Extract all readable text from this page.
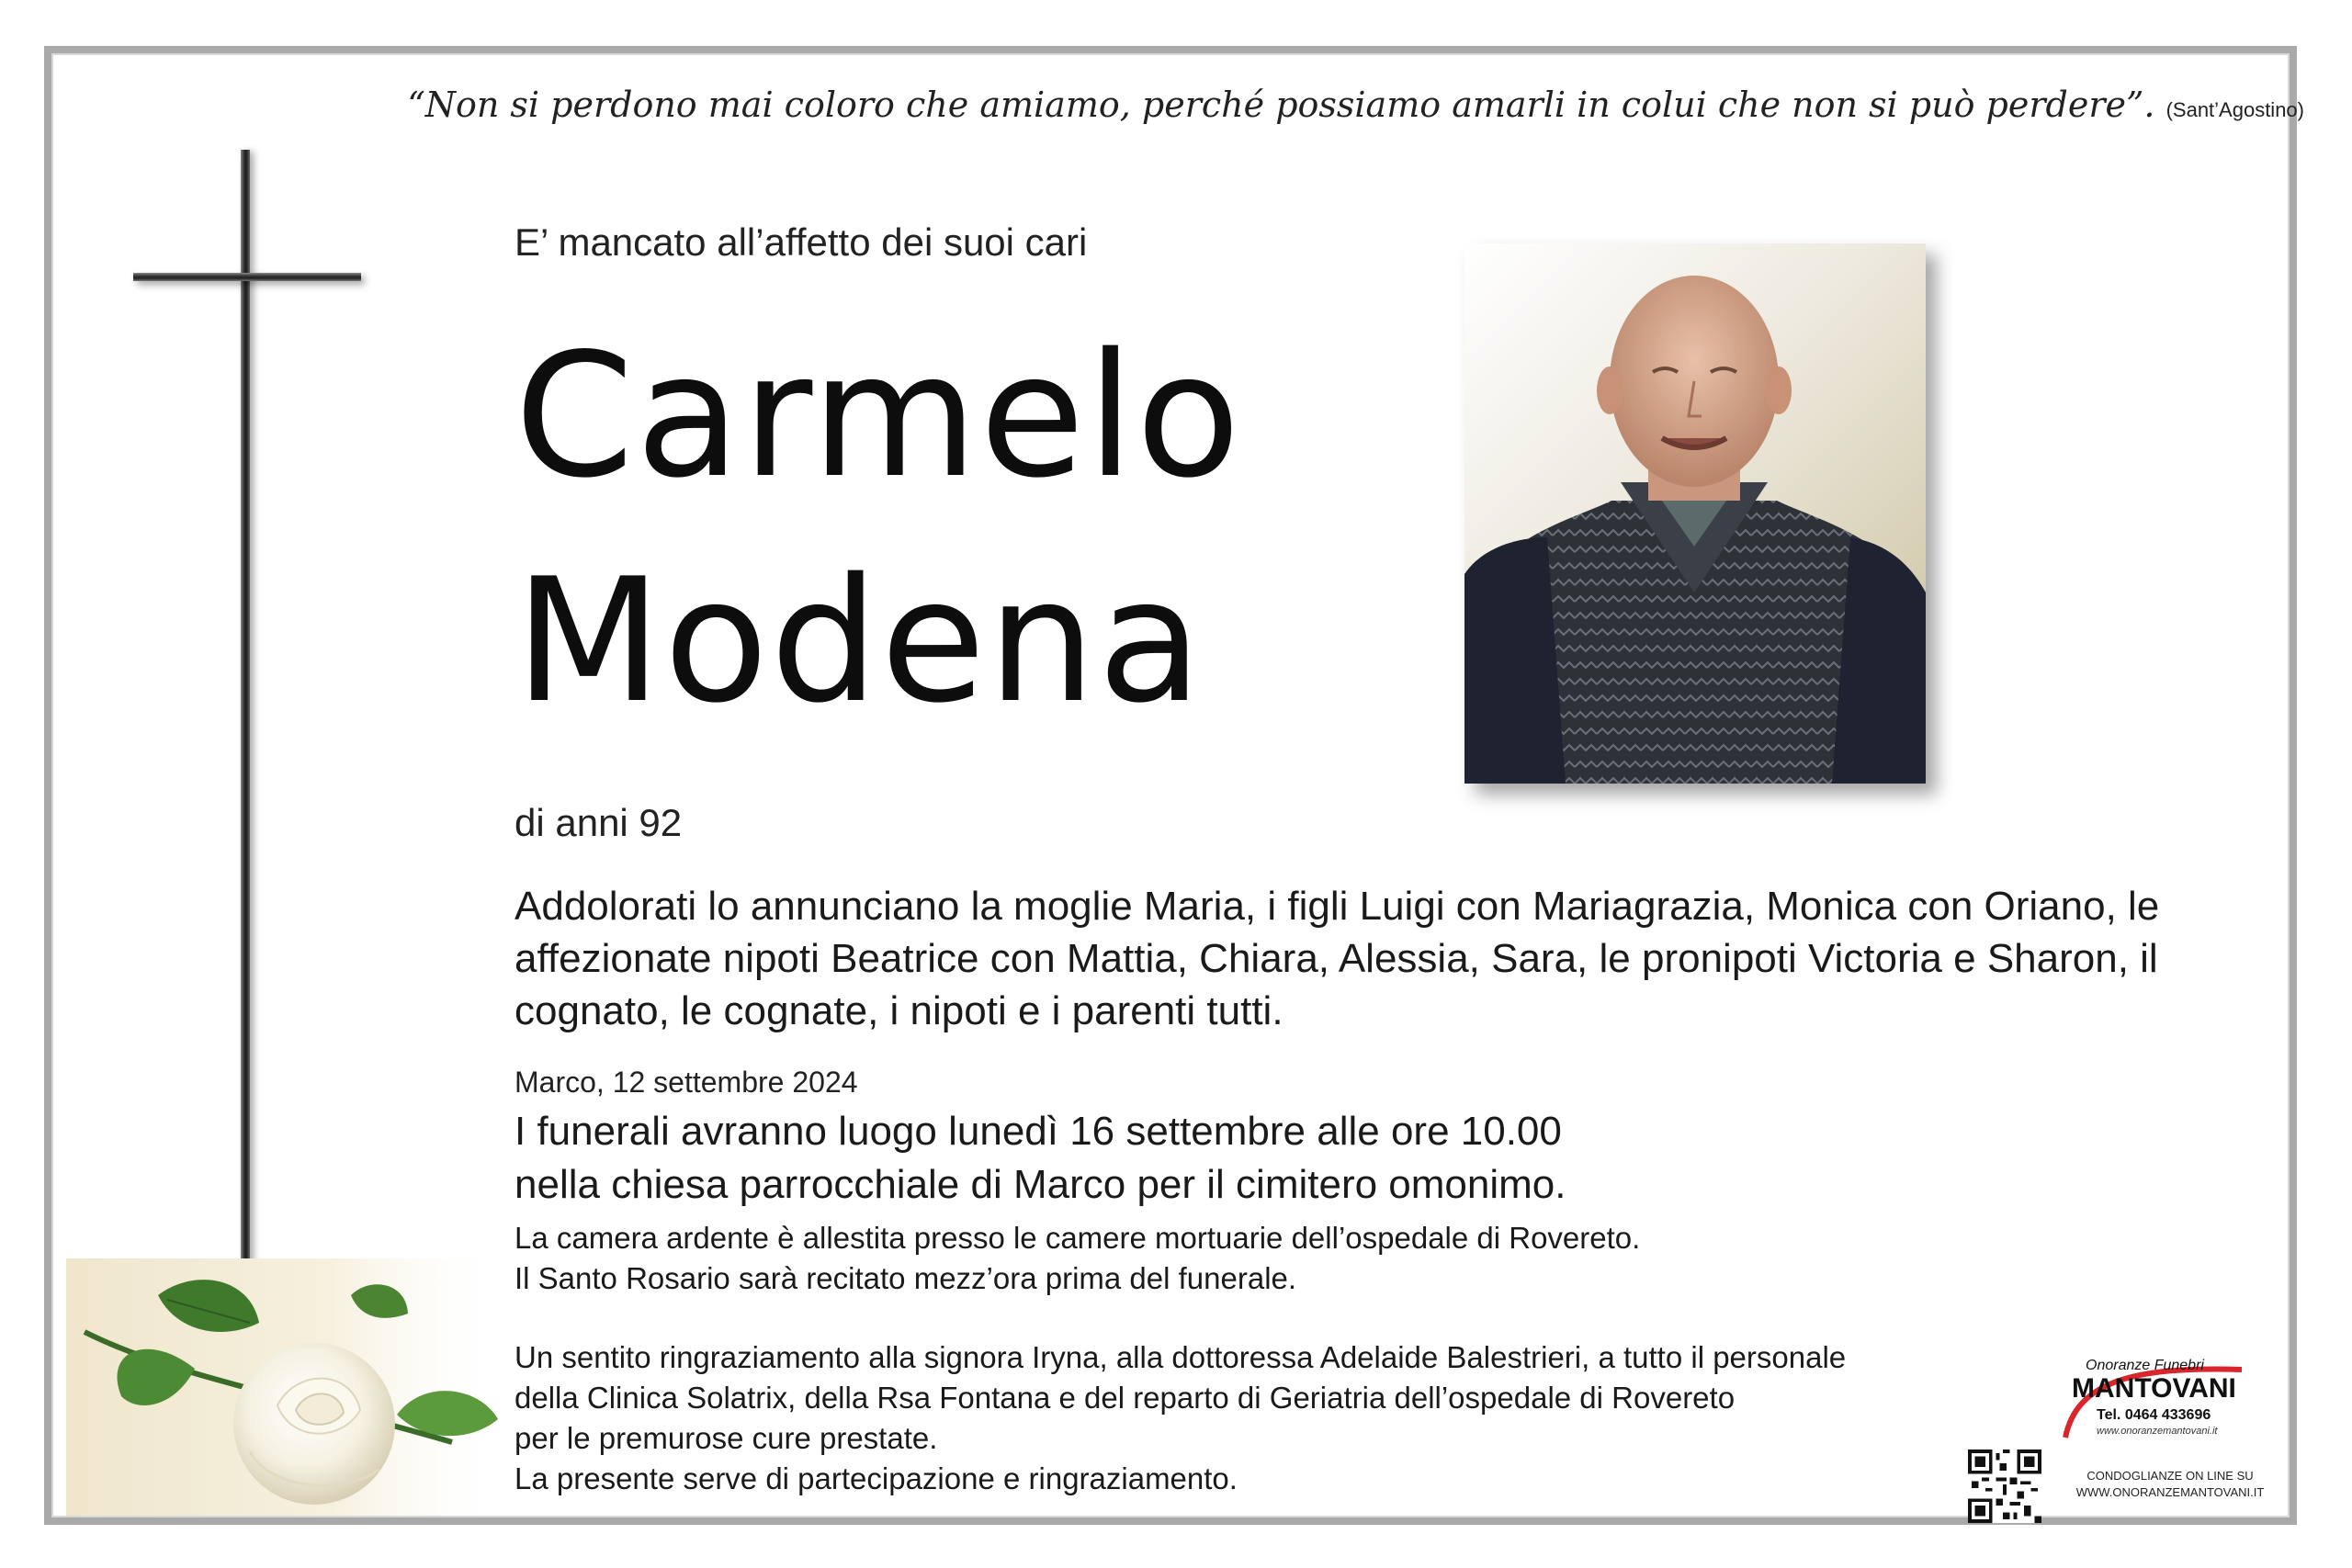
“Non si perdono mai coloro che amiamo, perché possiamo amarli in colui che non si può perdere”. (Sant’Agostino)
E’ mancato all’affetto dei suoi cari
Carmelo
Modena
di anni 92
Addolorati lo annunciano la moglie Maria, i figli Luigi con Mariagrazia, Monica con Oriano, le affezionate nipoti Beatrice con Mattia, Chiara, Alessia, Sara, le pronipoti Victoria e Sharon, il cognato, le cognate, i nipoti e i parenti tutti.
Marco, 12 settembre 2024
I funerali avranno luogo lunedì 16 settembre alle ore 10.00
nella chiesa parrocchiale di Marco per il cimitero omonimo.
La camera ardente è allestita presso le camere mortuarie dell’ospedale di Rovereto.
Il Santo Rosario sarà recitato mezz’ora prima del funerale.
Un sentito ringraziamento alla signora Iryna, alla dottoressa Adelaide Balestrieri, a tutto il personale
della Clinica Solatrix, della Rsa Fontana e del reparto di Geriatria dell’ospedale di Rovereto
per le premurose cure prestate.
La presente serve di partecipazione e ringraziamento.
Onoranze Funebri
MANTOVANI
Tel. 0464 433696
www.onoranzemantovani.it
CONDOGLIANZE ON LINE SU
WWW.ONORANZEMANTOVANI.IT
